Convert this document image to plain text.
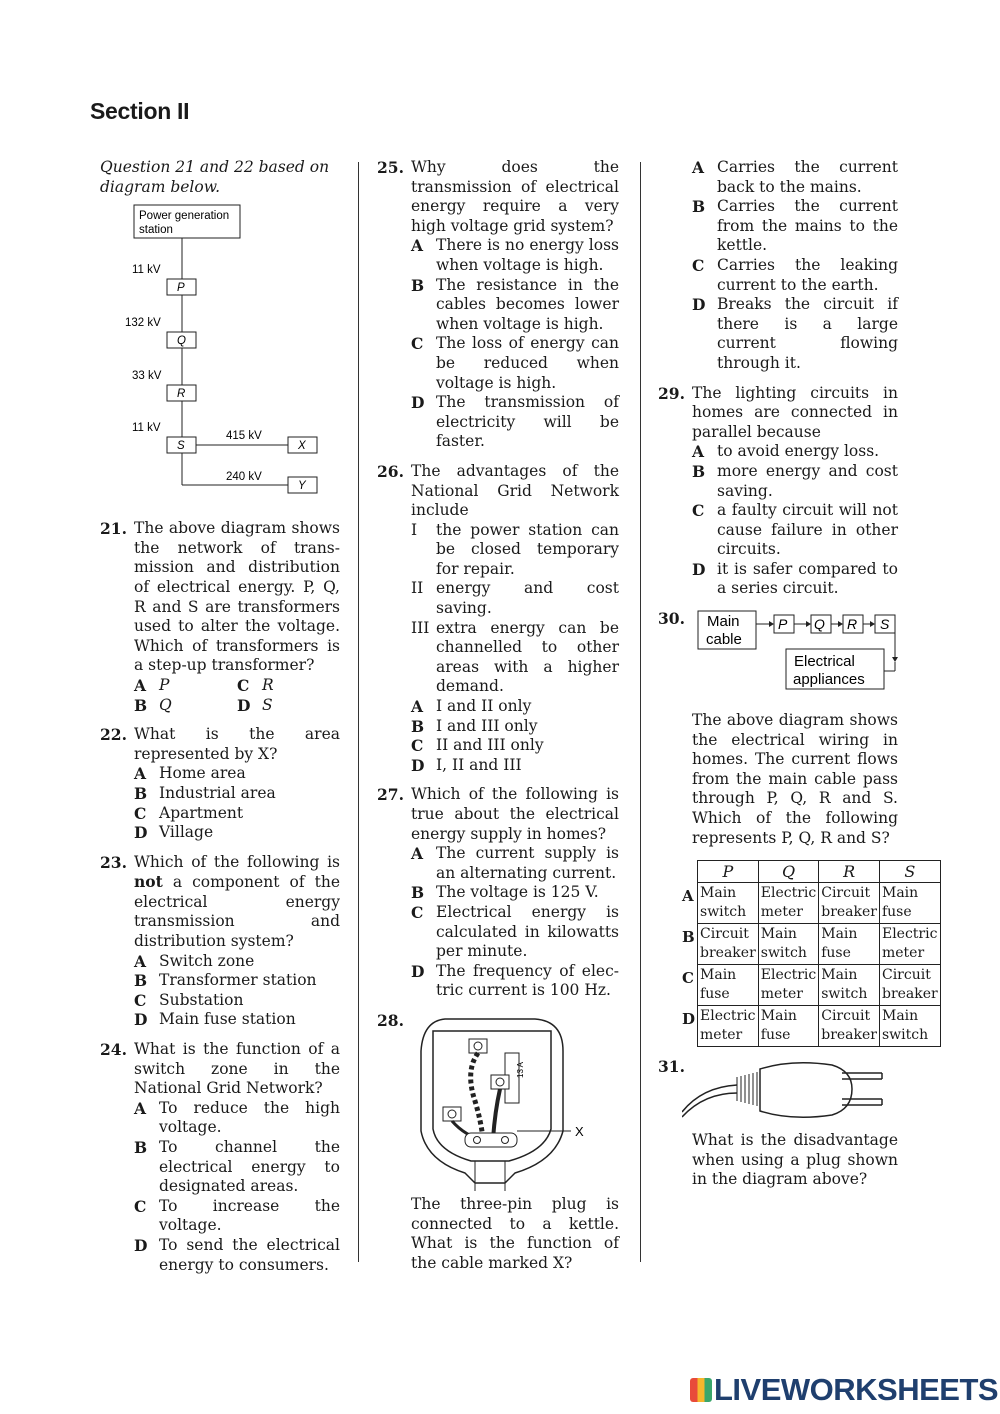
Section II
Question 21 and 22 based on diagram below.
Power generation
station
11 kV
P
132 kV
Q
33 kV
R
11 kV
S
415 kV
X
240 kV
Y
21. The above diagram shows the network of trans- mission and distribution of electrical energy. P, Q, R and S are transformers used to alter the voltage. Which of transformers is a step-up transformer?
A P	C R
B Q	D S
22. What is the area represented by X?
A Home area
B Industrial area
C Apartment
D Village
23. Which of the following is not a component of the electrical energy transmission and distribution system?
A Switch zone
B Transformer station
C Substation
D Main fuse station
24. What is the function of a switch zone in the National Grid Network?
A To reduce the high voltage.
B To channel the electrical energy to designated areas.
C To increase the voltage.
D To send the electrical energy to consumers.
25. Why does the transmission of electrical energy require a very high voltage grid system?
A There is no energy loss when voltage is high.
B The resistance in the cables becomes lower when voltage is high.
C The loss of energy can be reduced when voltage is high.
D The transmission of electricity will be faster.
26. The advantages of the National Grid Network include
I the power station can be closed temporary for repair.
II energy and cost saving.
III extra energy can be channelled to other areas with a higher demand.
A I and II only
B I and III only
C II and III only
D I, II and III
27. Which of the following is true about the electrical energy supply in homes?
A The current supply is an alternating current.
B The voltage is 125 V.
C Electrical energy is calculated in kilowatts per minute.
D The frequency of elec- tric current is 100 Hz.
28.
13 A
X
The three-pin plug is connected to a kettle. What is the function of the cable marked X?
A Carries the current back to the mains.
B Carries the current from the mains to the kettle.
C Carries the leaking current to the earth.
D Breaks the circuit if there is a large current flowing through it.
29. The lighting circuits in homes are connected in parallel because
A to avoid energy loss.
B more energy and cost saving.
C a faulty circuit will not cause failure in other circuits.
D it is safer compared to a series circuit.
30. Main
cable
P Q R S
Electrical
appliances
The above diagram shows the electrical wiring in homes. The current flows from the main cable pass through P, Q, R and S. Which of the following represents P, Q, R and S?
	P	Q	R	S
A	Main switch	Electric meter	Circuit breaker	Main fuse
B	Circuit breaker	Main switch	Main fuse	Electric meter
C	Main fuse	Electric meter	Main switch	Circuit breaker
D	Electric meter	Main fuse	Circuit breaker	Main switch
31.
What is the disadvantage when using a plug shown in the diagram above?
LIVEWORKSHEETS
